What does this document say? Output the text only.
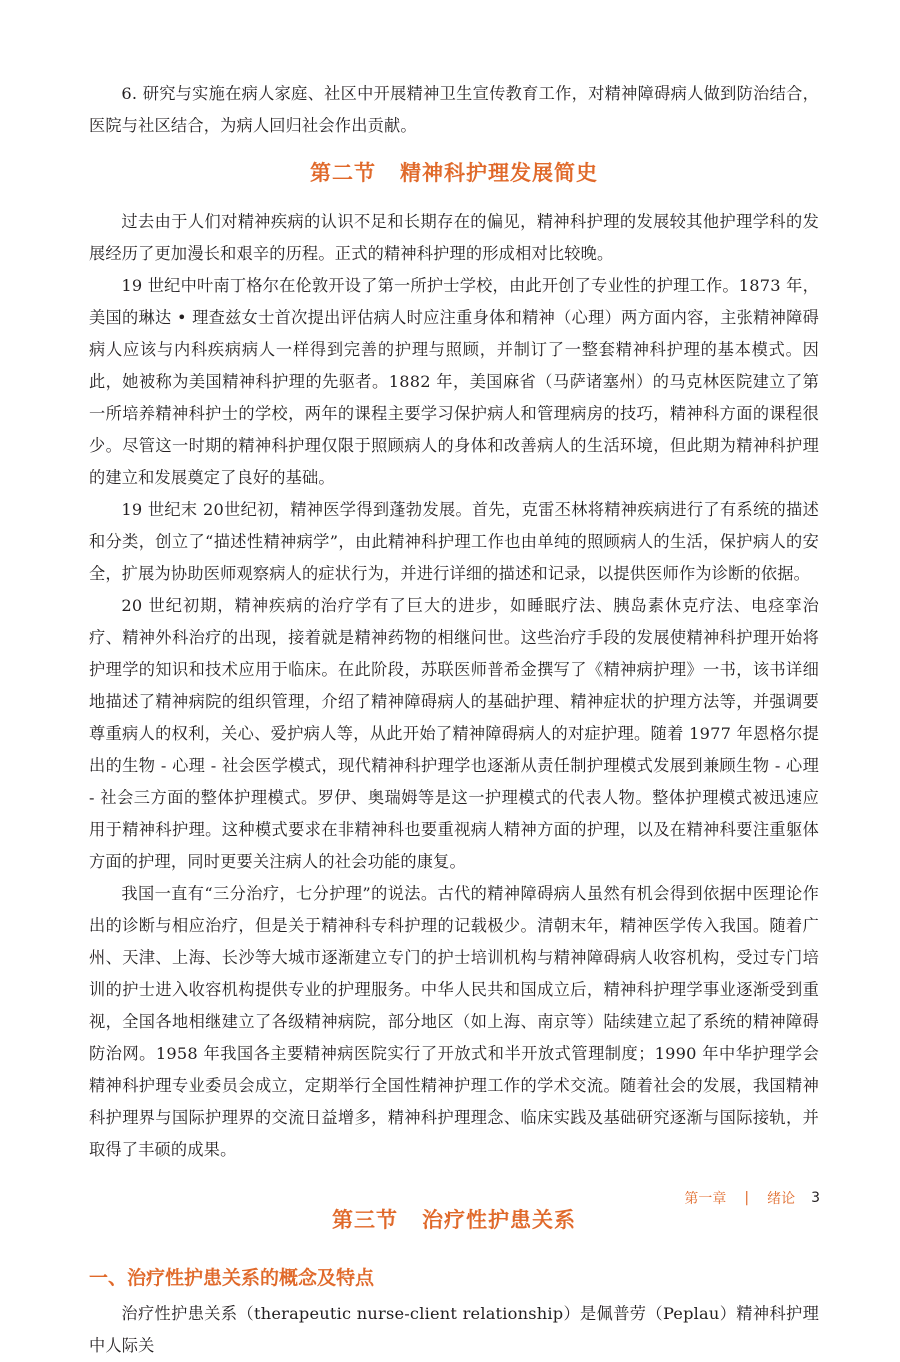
6. 研究与实施在病人家庭、社区中开展精神卫生宣传教育工作，对精神障碍病人做到防治结合，医院与社区结合，为病人回归社会作出贡献。

第二节 精神科护理发展简史

过去由于人们对精神疾病的认识不足和长期存在的偏见，精神科护理的发展较其他护理学科的发展经历了更加漫长和艰辛的历程。正式的精神科护理的形成相对比较晚。

19 世纪中叶南丁格尔在伦敦开设了第一所护士学校，由此开创了专业性的护理工作。1873 年，美国的琳达 • 理查兹女士首次提出评估病人时应注重身体和精神（心理）两方面内容，主张精神障碍病人应该与内科疾病病人一样得到完善的护理与照顾，并制订了一整套精神科护理的基本模式。因此，她被称为美国精神科护理的先驱者。1882 年，美国麻省（马萨诸塞州）的马克林医院建立了第一所培养精神科护士的学校，两年的课程主要学习保护病人和管理病房的技巧，精神科方面的课程很少。尽管这一时期的精神科护理仅限于照顾病人的身体和改善病人的生活环境，但此期为精神科护理的建立和发展奠定了良好的基础。

19 世纪末 20世纪初，精神医学得到蓬勃发展。首先，克雷丕林将精神疾病进行了有系统的描述和分类，创立了“描述性精神病学”，由此精神科护理工作也由单纯的照顾病人的生活，保护病人的安全，扩展为协助医师观察病人的症状行为，并进行详细的描述和记录，以提供医师作为诊断的依据。

20 世纪初期，精神疾病的治疗学有了巨大的进步，如睡眠疗法、胰岛素休克疗法、电痉挛治疗、精神外科治疗的出现，接着就是精神药物的相继问世。这些治疗手段的发展使精神科护理开始将护理学的知识和技术应用于临床。在此阶段，苏联医师普希金撰写了《精神病护理》一书，该书详细地描述了精神病院的组织管理，介绍了精神障碍病人的基础护理、精神症状的护理方法等，并强调要尊重病人的权利，关心、爱护病人等，从此开始了精神障碍病人的对症护理。随着 1977 年恩格尔提出的生物 - 心理 - 社会医学模式，现代精神科护理学也逐渐从责任制护理模式发展到兼顾生物 - 心理 - 社会三方面的整体护理模式。罗伊、奥瑞姆等是这一护理模式的代表人物。整体护理模式被迅速应用于精神科护理。这种模式要求在非精神科也要重视病人精神方面的护理，以及在精神科要注重躯体方面的护理，同时更要关注病人的社会功能的康复。

我国一直有“三分治疗，七分护理”的说法。古代的精神障碍病人虽然有机会得到依据中医理论作出的诊断与相应治疗，但是关于精神科专科护理的记载极少。清朝末年，精神医学传入我国。随着广州、天津、上海、长沙等大城市逐渐建立专门的护士培训机构与精神障碍病人收容机构，受过专门培训的护士进入收容机构提供专业的护理服务。中华人民共和国成立后，精神科护理学事业逐渐受到重视，全国各地相继建立了各级精神病院，部分地区（如上海、南京等）陆续建立起了系统的精神障碍防治网。1958 年我国各主要精神病医院实行了开放式和半开放式管理制度；1990 年中华护理学会精神科护理专业委员会成立，定期举行全国性精神护理工作的学术交流。随着社会的发展，我国精神科护理界与国际护理界的交流日益增多，精神科护理理念、临床实践及基础研究逐渐与国际接轨，并取得了丰硕的成果。

第三节 治疗性护患关系
一、治疗性护患关系的概念及特点

治疗性护患关系（therapeutic nurse-client relationship）是佩普劳（Peplau）精神科护理中人际关

第一章 | 绪论 3
